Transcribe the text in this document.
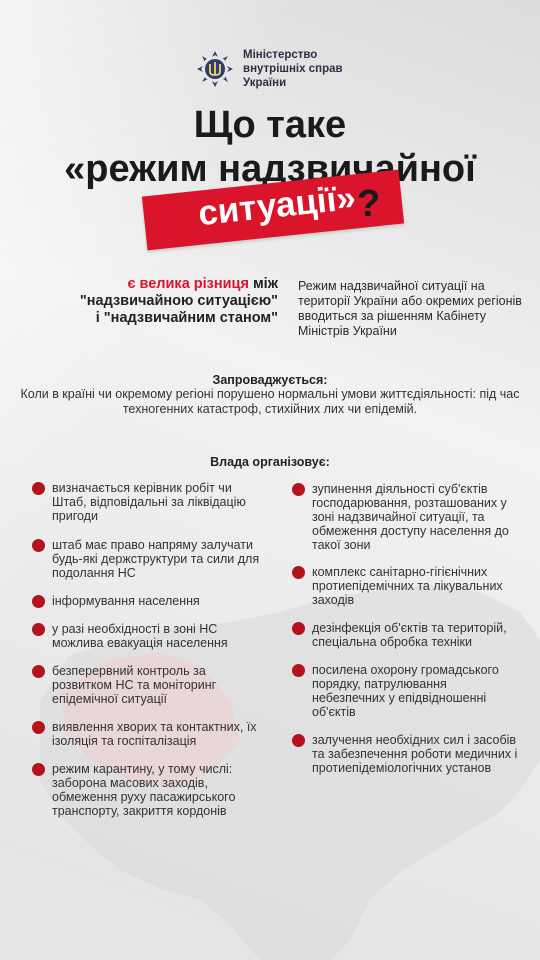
Міністерство
внутрішніх справ
України
Що таке
«режим надзвичайної
ситуації» ?
є велика різниця між
"надзвичайною ситуацією"
і "надзвичайним станом"
Режим надзвичайної ситуації на території України або окремих регіонів вводиться за рішенням Кабінету Міністрів України
Запроваджується:
Коли в країні чи окремому регіоні порушено нормальні умови життєдіяльності: під час техногенних катастроф, стихійних лих чи епідемій.
Влада організовує:
визначається керівник робіт чи Штаб, відповідальні за ліквідацію пригоди
штаб має право напряму залучати будь-які держструктури та сили для подолання НС
інформування населення
у разі необхідності в зоні НС можлива евакуація населення
безперервний контроль за розвитком НС та моніторинг епідемічної ситуації
виявлення хворих та контактних, їх ізоляція та госпіталізація
режим карантину, у тому числі: заборона масових заходів, обмеження руху пасажирського транспорту, закриття кордонів
зупинення діяльності суб'єктів господарювання, розташованих у зоні надзвичайної ситуації, та обмеження доступу населення до такої зони
комплекс санітарно-гігієнічних протиепідемічних та лікувальних заходів
дезінфекція об'єктів та територій, спеціальна обробка техніки
посилена охорону громадського порядку, патрулювання небезпечних у епідвідношенні об'єктів
залучення необхідних сил і засобів та забезпечення роботи медичних і протиепідеміологічних установ
